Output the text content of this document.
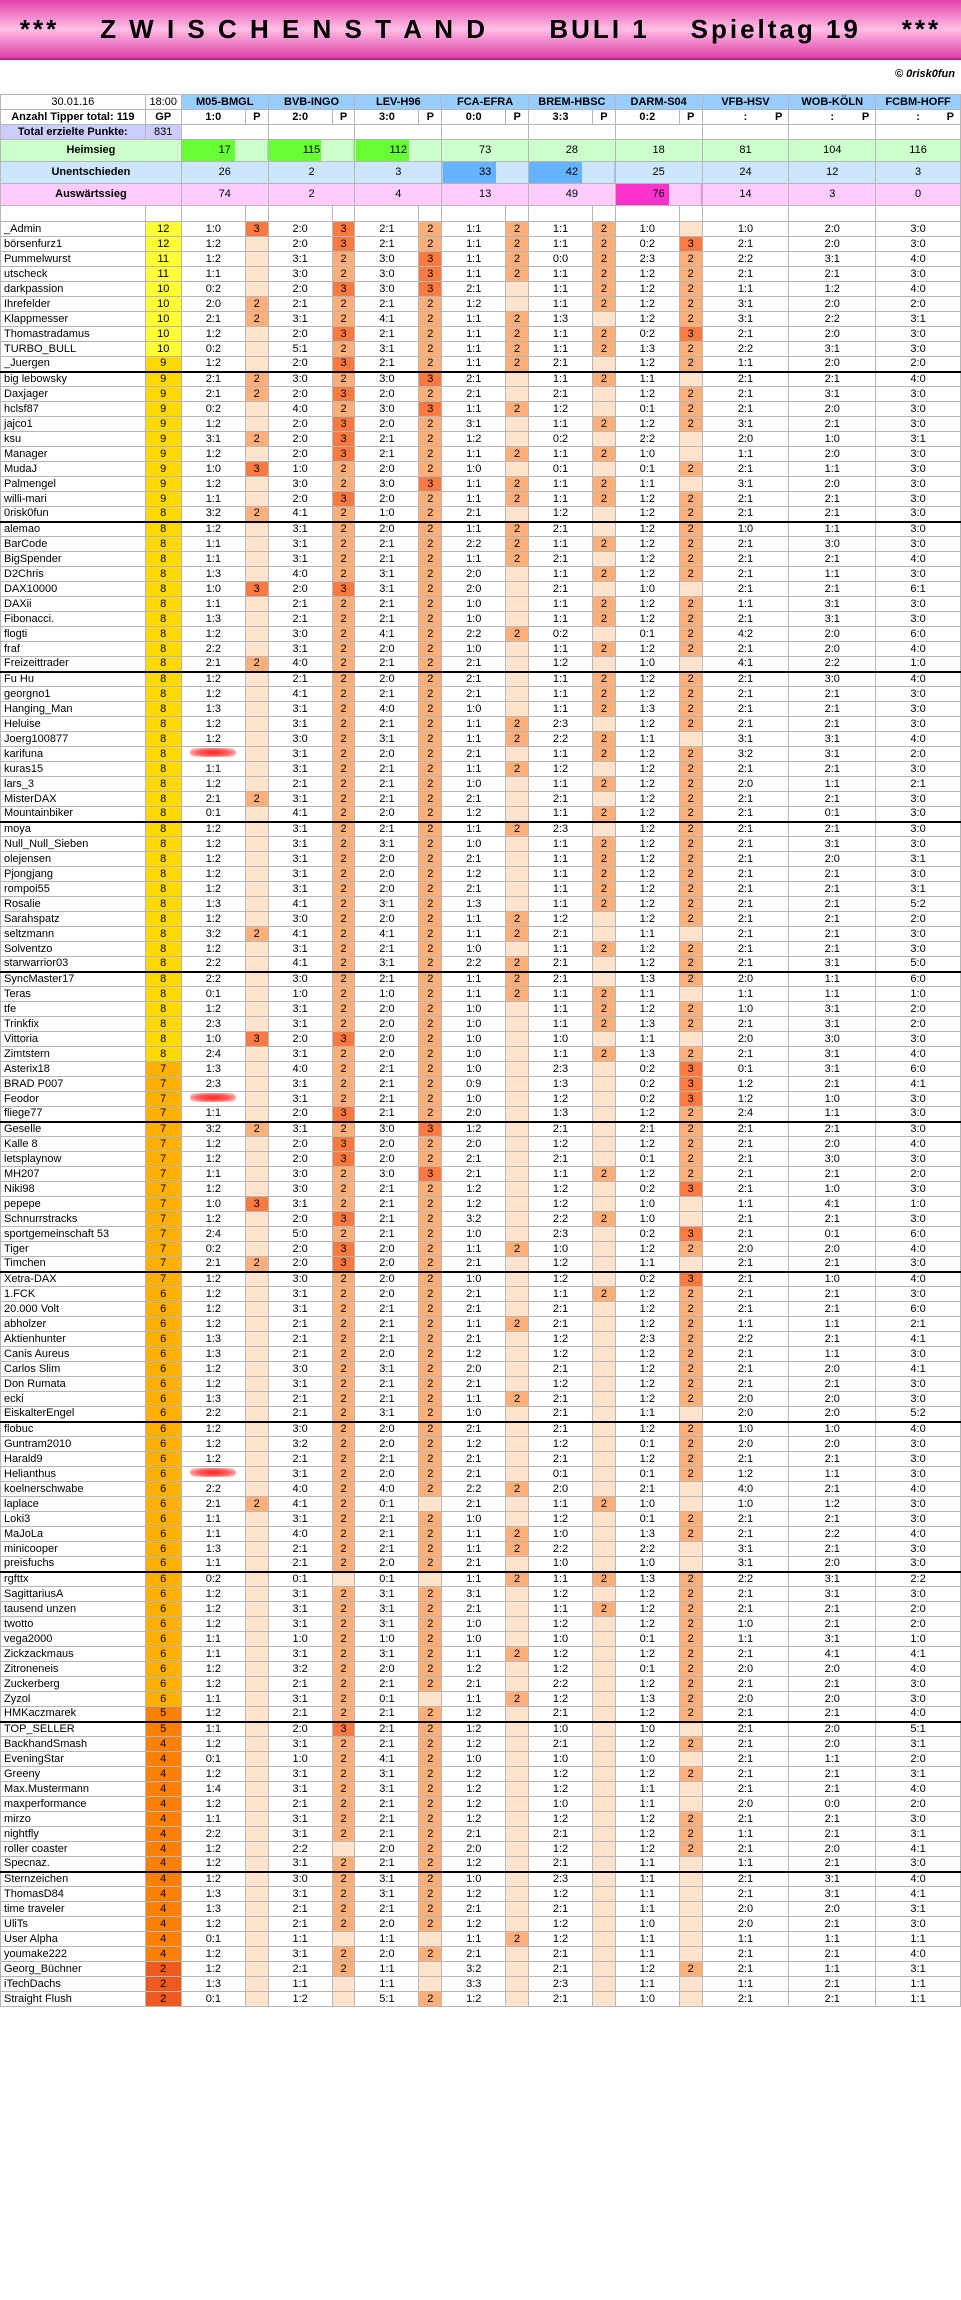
***    Z W I S C H E N S T A N D      BULI 1    Spieltag 19    ***
© 0risk0fun
30.01.16	18:00	M05-BMGL		BVB-INGO		LEV-H96		FCA-EFRA		BREM-HBSC		DARM-S04		VFB-HSV	WOB-KÖLN	FCBM-HOFF
Anzahl Tipper total: 119	GP	1:0	P	2:0	P	3:0	P	0:0	P	3:3	P	0:2	P	: P	: P	: P

Total erzielte Punkte:	831															
Heimsieg		17		115		112		73		28		18		81	104	116
Unentschieden		26		2		3		33		42		25		24	12	3
Auswärtssieg		74		2		4		13		49		76		14	3	0

_Admin	12	1:0	3	2:0	3	2:1	2	1:1	2	1:1	2	1:0		1:0	2:0	3:0
börsenfurz1	12	1:2		2:0	3	2:1	2	1:1	2	1:1	2	0:2	3	2:1	2:0	3:0
Pummelwurst	11	1:2		3:1	2	3:0	3	1:1	2	0:0	2	2:3	2	2:2	3:1	4:0
utscheck	11	1:1		3:0	2	3:0	3	1:1	2	1:1	2	1:2	2	2:1	2:1	3:0
darkpassion	10	0:2		2:0	3	3:0	3	2:1		1:1	2	1:2	2	1:1	1:2	4:0
Ihrefelder	10	2:0	2	2:1	2	2:1	2	1:2		1:1	2	1:2	2	3:1	2:0	2:0
Klappmesser	10	2:1	2	3:1	2	4:1	2	1:1	2	1:3		1:2	2	3:1	2:2	3:1
Thomastradamus	10	1:2		2:0	3	2:1	2	1:1	2	1:1	2	0:2	3	2:1	2:0	3:0
TURBO_BULL	10	0:2		5:1	2	3:1	2	1:1	2	1:1	2	1:3	2	2:2	3:1	3:0
_Juergen	9	1:2		2:0	3	2:1	2	1:1	2	2:1		1:2	2	1:1	2:0	2:0
big lebowsky	9	2:1	2	3:0	2	3:0	3	2:1		1:1	2	1:1		2:1	2:1	4:0
Daxjager	9	2:1	2	2:0	3	2:0	2	2:1		2:1		1:2	2	2:1	3:1	3:0
hclsf87	9	0:2		4:0	2	3:0	3	1:1	2	1:2		0:1	2	2:1	2:0	3:0
jajco1	9	1:2		2:0	3	2:0	2	3:1		1:1	2	1:2	2	3:1	2:1	3:0
ksu	9	3:1	2	2:0	3	2:1	2	1:2		0:2		2:2		2:0	1:0	3:1
Manager	9	1:2		2:0	3	2:1	2	1:1	2	1:1	2	1:0		1:1	2:0	3:0
MudaJ	9	1:0	3	1:0	2	2:0	2	1:0		0:1		0:1	2	2:1	1:1	3:0
Palmengel	9	1:2		3:0	2	3:0	3	1:1	2	1:1	2	1:1		3:1	2:0	3:0
willi-mari	9	1:1		2:0	3	2:0	2	1:1	2	1:1	2	1:2	2	2:1	2:1	3:0
0risk0fun	8	3:2	2	4:1	2	1:0	2	2:1		1:2		1:2	2	2:1	2:1	3:0
alemao	8	1:2		3:1	2	2:0	2	1:1	2	2:1		1:2	2	1:0	1:1	3:0
BarCode	8	1:1		3:1	2	2:1	2	2:2	2	1:1	2	1:2	2	2:1	3:0	3:0
BigSpender	8	1:1		3:1	2	2:1	2	1:1	2	2:1		1:2	2	2:1	2:1	4:0
D2Chris	8	1:3		4:0	2	3:1	2	2:0		1:1	2	1:2	2	2:1	1:1	3:0
DAX10000	8	1:0	3	2:0	3	3:1	2	2:0		2:1		1:0		2:1	2:1	6:1
DAXii	8	1:1		2:1	2	2:1	2	1:0		1:1	2	1:2	2	1:1	3:1	3:0
Fibonacci.	8	1:3		2:1	2	2:1	2	1:0		1:1	2	1:2	2	2:1	3:1	3:0
flogti	8	1:2		3:0	2	4:1	2	2:2	2	0:2		0:1	2	4:2	2:0	6:0
fraf	8	2:2		3:1	2	2:0	2	1:0		1:1	2	1:2	2	2:1	2:0	4:0
Freizeittrader	8	2:1	2	4:0	2	2:1	2	2:1		1:2		1:0		4:1	2:2	1:0
Fu Hu	8	1:2		2:1	2	2:0	2	2:1		1:1	2	1:2	2	2:1	3:0	4:0
georgno1	8	1:2		4:1	2	2:1	2	2:1		1:1	2	1:2	2	2:1	2:1	3:0
Hanging_Man	8	1:3		3:1	2	4:0	2	1:0		1:1	2	1:3	2	2:1	2:1	3:0
Heluise	8	1:2		3:1	2	2:1	2	1:1	2	2:3		1:2	2	2:1	2:1	3:0
Joerg100877	8	1:2		3:0	2	3:1	2	1:1	2	2:2	2	1:1		3:1	3:1	4:0
karifuna	8			3:1	2	2:0	2	2:1		1:1	2	1:2	2	3:2	3:1	2:0
kuras15	8	1:1		3:1	2	2:1	2	1:1	2	1:2		1:2	2	2:1	2:1	3:0
lars_3	8	1:2		2:1	2	2:1	2	1:0		1:1	2	1:2	2	2:0	1:1	2:1
MisterDAX	8	2:1	2	3:1	2	2:1	2	2:1		2:1		1:2	2	2:1	2:1	3:0
Mountainbiker	8	0:1		4:1	2	2:0	2	1:2		1:1	2	1:2	2	2:1	0:1	3:0
moya	8	1:2		3:1	2	2:1	2	1:1	2	2:3		1:2	2	2:1	2:1	3:0
Null_Null_Sieben	8	1:2		3:1	2	3:1	2	1:0		1:1	2	1:2	2	2:1	3:1	3:0
olejensen	8	1:2		3:1	2	2:0	2	2:1		1:1	2	1:2	2	2:1	2:0	3:1
Pjongjang	8	1:2		3:1	2	2:0	2	1:2		1:1	2	1:2	2	2:1	2:1	3:0
rompoi55	8	1:2		3:1	2	2:0	2	2:1		1:1	2	1:2	2	2:1	2:1	3:1
Rosalie	8	1:3		4:1	2	3:1	2	1:3		1:1	2	1:2	2	2:1	2:1	5:2
Sarahspatz	8	1:2		3:0	2	2:0	2	1:1	2	1:2		1:2	2	2:1	2:1	2:0
seltzmann	8	3:2	2	4:1	2	4:1	2	1:1	2	2:1		1:1		2:1	2:1	3:0
Solventzo	8	1:2		3:1	2	2:1	2	1:0		1:1	2	1:2	2	2:1	2:1	3:0
starwarrior03	8	2:2		4:1	2	3:1	2	2:2	2	2:1		1:2	2	2:1	3:1	5:0
SyncMaster17	8	2:2		3:0	2	2:1	2	1:1	2	2:1		1:3	2	2:0	1:1	6:0
Teras	8	0:1		1:0	2	1:0	2	1:1	2	1:1	2	1:1		1:1	1:1	1:0
tfe	8	1:2		3:1	2	2:0	2	1:0		1:1	2	1:2	2	1:0	3:1	2:0
Trinkfix	8	2:3		3:1	2	2:0	2	1:0		1:1	2	1:3	2	2:1	3:1	2:0
Vittoria	8	1:0	3	2:0	3	2:0	2	1:0		1:0		1:1		2:0	3:0	3:0
Zimtstern	8	2:4		3:1	2	2:0	2	1:0		1:1	2	1:3	2	2:1	3:1	4:0
Asterix18	7	1:3		4:0	2	2:1	2	1:0		2:3		0:2	3	0:1	3:1	6:0
BRAD P007	7	2:3		3:1	2	2:1	2	0:9		1:3		0:2	3	1:2	2:1	4:1
Feodor	7			3:1	2	2:1	2	1:0		1:2		0:2	3	1:2	1:0	3:0
fliege77	7	1:1		2:0	3	2:1	2	2:0		1:3		1:2	2	2:4	1:1	3:0
Geselle	7	3:2	2	3:1	2	3:0	3	1:2		2:1		2:1	2	2:1	2:1	3:0
Kalle 8	7	1:2		2:0	3	2:0	2	2:0		1:2		1:2	2	2:1	2:0	4:0
letsplaynow	7	1:2		2:0	3	2:0	2	2:1		2:1		0:1	2	2:1	3:0	3:0
MH207	7	1:1		3:0	2	3:0	3	2:1		1:1	2	1:2	2	2:1	2:1	2:0
Niki98	7	1:2		3:0	2	2:1	2	1:2		1:2		0:2	3	2:1	1:0	3:0
pepepe	7	1:0	3	3:1	2	2:1	2	1:2		1:2		1:0		1:1	4:1	1:0
Schnurrstracks	7	1:2		2:0	3	2:1	2	3:2		2:2	2	1:0		2:1	2:1	3:0
sportgemeinschaft 53	7	2:4		5:0	2	2:1	2	1:0		2:3		0:2	3	2:1	0:1	6:0
Tiger	7	0:2		2:0	3	2:0	2	1:1	2	1:0		1:2	2	2:0	2:0	4:0
Timchen	7	2:1	2	2:0	3	2:0	2	2:1		1:2		1:1		2:1	2:1	3:0
Xetra-DAX	7	1:2		3:0	2	2:0	2	1:0		1:2		0:2	3	2:1	1:0	4:0
1.FCK	6	1:2		3:1	2	2:0	2	2:1		1:1	2	1:2	2	2:1	2:1	3:0
20.000 Volt	6	1:2		3:1	2	2:1	2	2:1		2:1		1:2	2	2:1	2:1	6:0
abholzer	6	1:2		2:1	2	2:1	2	1:1	2	2:1		1:2	2	1:1	1:1	2:1
Aktienhunter	6	1:3		2:1	2	2:1	2	2:1		1:2		2:3	2	2:2	2:1	4:1
Canis Aureus	6	1:3		2:1	2	2:0	2	1:2		1:2		1:2	2	2:1	1:1	3:0
Carlos Slim	6	1:2		3:0	2	3:1	2	2:0		2:1		1:2	2	2:1	2:0	4:1
Don Rumata	6	1:2		3:1	2	2:1	2	2:1		1:2		1:2	2	2:1	2:1	3:0
ecki	6	1:3		2:1	2	2:1	2	1:1	2	2:1		1:2	2	2:0	2:0	3:0
EiskalterEngel	6	2:2		2:1	2	3:1	2	1:0		2:1		1:1		2:0	2:0	5:2
flobuc	6	1:2		3:0	2	2:0	2	2:1		2:1		1:2	2	1:0	1:0	4:0
Guntram2010	6	1:2		3:2	2	2:0	2	1:2		1:2		0:1	2	2:0	2:0	3:0
Harald9	6	1:2		2:1	2	2:1	2	2:1		2:1		1:2	2	2:1	2:1	3:0
Helianthus	6			3:1	2	2:0	2	2:1		0:1		0:1	2	1:2	1:1	3:0
koelnerschwabe	6	2:2		4:0	2	4:0	2	2:2	2	2:0		2:1		4:0	2:1	4:0
laplace	6	2:1	2	4:1	2	0:1		2:1		1:1	2	1:0		1:0	1:2	3:0
Loki3	6	1:1		3:1	2	2:1	2	1:0		1:2		0:1	2	2:1	2:1	3:0
MaJoLa	6	1:1		4:0	2	2:1	2	1:1	2	1:0		1:3	2	2:1	2:2	4:0
minicooper	6	1:3		2:1	2	2:1	2	1:1	2	2:2		2:2		3:1	2:1	3:0
preisfuchs	6	1:1		2:1	2	2:0	2	2:1		1:0		1:0		3:1	2:0	3:0
rgfttx	6	0:2		0:1		0:1		1:1	2	1:1	2	1:3	2	2:2	3:1	2:2
SagittariusA	6	1:2		3:1	2	3:1	2	3:1		1:2		1:2	2	2:1	3:1	3:0
tausend unzen	6	1:2		3:1	2	3:1	2	2:1		1:1	2	1:2	2	2:1	2:1	2:0
twotto	6	1:2		3:1	2	3:1	2	1:0		1:2		1:2	2	1:0	2:1	2:0
vega2000	6	1:1		1:0	2	1:0	2	1:0		1:0		0:1	2	1:1	3:1	1:0
Zickzackmaus	6	1:1		3:1	2	3:1	2	1:1	2	1:2		1:2	2	2:1	4:1	4:1
Zitroneneis	6	1:2		3:2	2	2:0	2	1:2		1:2		0:1	2	2:0	2:0	4:0
Zuckerberg	6	1:2		2:1	2	2:1	2	2:1		2:2		1:2	2	2:1	2:1	3:0
Zyzol	6	1:1		3:1	2	0:1		1:1	2	1:2		1:3	2	2:0	2:0	3:0
HMKaczmarek	5	1:2		2:1	2	2:1	2	1:2		2:1		1:2	2	2:1	2:1	4:0
TOP_SELLER	5	1:1		2:0	3	2:1	2	1:2		1:0		1:0		2:1	2:0	5:1
BackhandSmash	4	1:2		3:1	2	2:1	2	1:2		2:1		1:2	2	2:1	2:0	3:1
EveningStar	4	0:1		1:0	2	4:1	2	1:0		1:0		1:0		2:1	1:1	2:0
Greeny	4	1:2		3:1	2	3:1	2	1:2		1:2		1:2	2	2:1	2:1	3:1
Max.Mustermann	4	1:4		3:1	2	3:1	2	1:2		1:2		1:1		2:1	2:1	4:0
maxperformance	4	1:2		2:1	2	2:1	2	1:2		1:0		1:1		2:0	0:0	2:0
mirzo	4	1:1		3:1	2	2:1	2	1:2		1:2		1:2	2	2:1	2:1	3:0
nightfly	4	2:2		3:1	2	2:1	2	2:1		2:1		1:2	2	1:1	2:1	3:1
roller coaster	4	1:2		2:2		2:0	2	2:0		1:2		1:2	2	2:1	2:0	4:1
Specnaz.	4	1:2		3:1	2	2:1	2	1:2		2:1		1:1		1:1	2:1	3:0
Sternzeichen	4	1:2		3:0	2	3:1	2	1:0		2:3		1:1		2:1	3:1	4:0
ThomasD84	4	1:3		3:1	2	3:1	2	1:2		1:2		1:1		2:1	3:1	4:1
time traveler	4	1:3		2:1	2	2:1	2	2:1		2:1		1:1		2:0	2:0	3:1
UliTs	4	1:2		2:1	2	2:0	2	1:2		1:2		1:0		2:0	2:1	3:0
User Alpha	4	0:1		1:1		1:1		1:1	2	1:2		1:1		1:1	1:1	1:1
youmake222	4	1:2		3:1	2	2:0	2	2:1		2:1		1:1		2:1	2:1	4:0
Georg_Büchner	2	1:2		2:1	2	1:1		3:2		2:1		1:2	2	2:1	1:1	3:1
iTechDachs	2	1:3		1:1		1:1		3:3		2:3		1:1		1:1	2:1	1:1
Straight Flush	2	0:1		1:2		5:1	2	1:2		2:1		1:0		2:1	2:1	1:1
